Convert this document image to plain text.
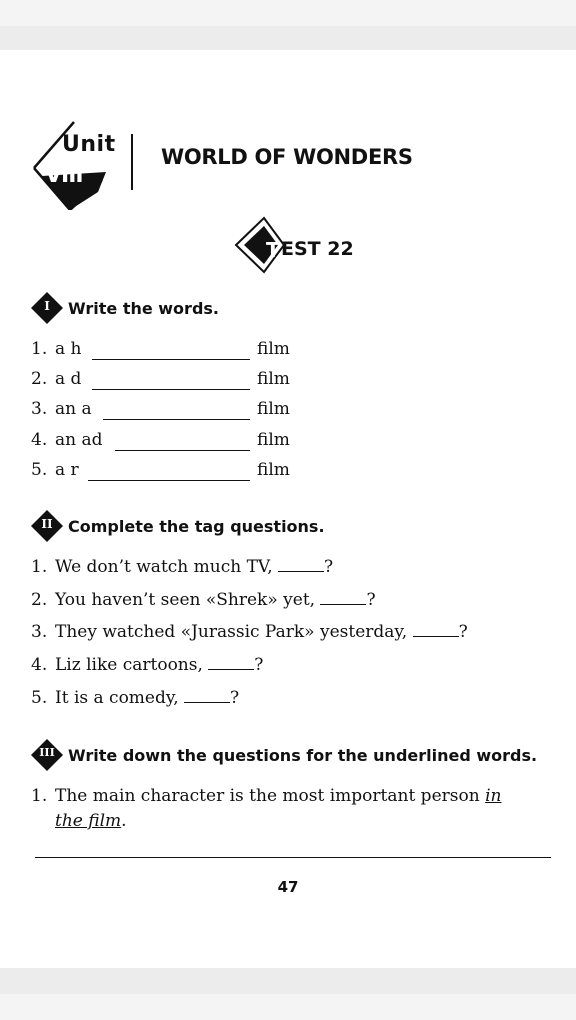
Unit
VIII
WORLD OF WONDERS
T EST 22
I	Write the words.
1. a h	film
2. a d	film
3. an a	film
4. an ad	film
5. a r	film
II Complete the tag questions.
1. We don’t watch much TV,	?
2. You haven’t seen «Shrek» yet,	?
3. They watched «Jurassic Park» yesterday,	?
4. Liz like cartoons,	?
5. It is a comedy,	?
III Write down the questions for the underlined words.
1. The main character is the most important person in
the film.
47
